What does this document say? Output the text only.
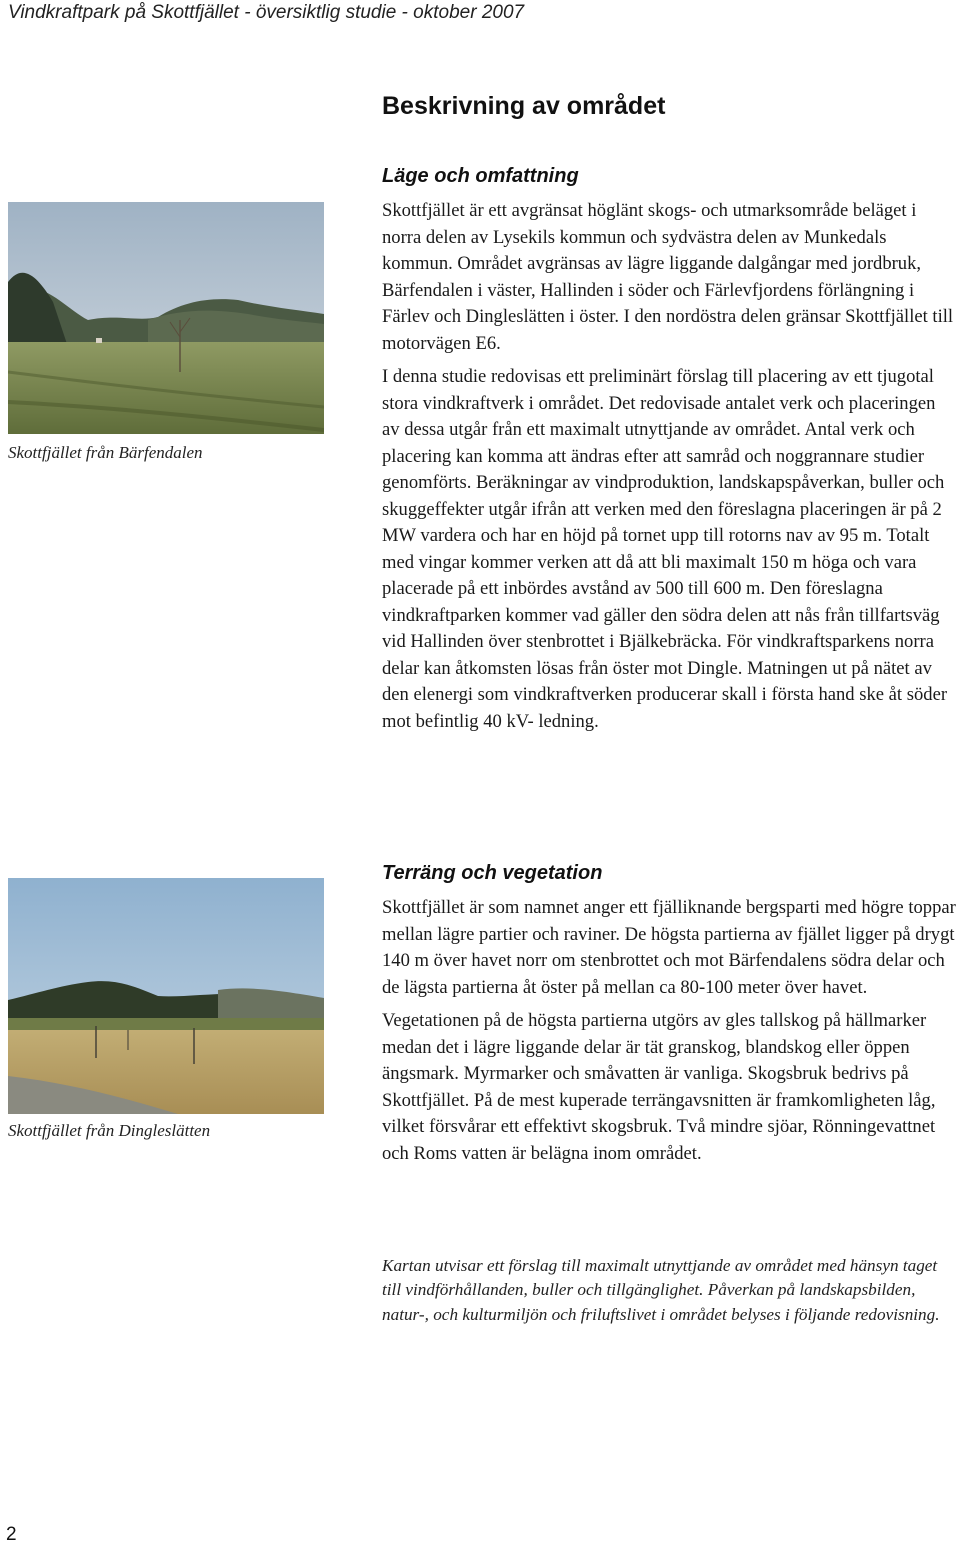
Vindkraftpark på Skottfjället - översiktlig studie - oktober 2007
Beskrivning av området
Läge och omfattning

Skottfjället är ett avgränsat höglänt skogs- och utmarksområde beläget i norra delen av Lysekils kommun och sydvästra delen av Munkedals kommun. Området avgränsas av lägre liggande dalgångar med jordbruk, Bärfendalen i väster, Hallinden i söder och Färlevfjordens förlängning i Färlev och Dingleslätten i öster. I den nordöstra delen gränsar Skottfjället till motorvägen E6.

I denna studie redovisas ett preliminärt förslag till placering av ett tjugotal stora vindkraftverk i området. Det redovisade antalet verk och placeringen av dessa utgår från ett maximalt utnyttjande av området. Antal verk och placering kan komma att ändras efter att samråd och noggrannare studier genomförts. Beräkningar av vindproduktion, landskapspåverkan, buller och skuggeffekter utgår ifrån att verken med den föreslagna placeringen är på 2 MW vardera och har en höjd på tornet upp till rotorns nav av 95 m. Totalt med vingar kommer verken att då att bli maximalt 150 m höga och vara placerade på ett inbördes avstånd av 500 till 600 m. Den föreslagna vindkraftparken kommer vad gäller den södra delen att nås från tillfartsväg vid Hallinden över stenbrottet i Bjälkebräcka. För vindkraftsparkens norra delar kan åtkomsten lösas från öster mot Dingle. Matningen ut på nätet av den elenergi som vindkraftverken producerar skall i första hand ske åt söder mot befintlig 40 kV- ledning.

Skottfjället från Bärfendalen
Terräng och vegetation

Skottfjället är som namnet anger ett fjälliknande bergsparti med högre toppar mellan lägre partier och raviner. De högsta partierna av fjället ligger på drygt 140 m över havet norr om stenbrottet och mot Bärfendalens södra delar och de lägsta partierna åt öster på mellan ca 80-100 meter över havet.

Vegetationen på de högsta partierna utgörs av gles tallskog på hällmarker medan det i lägre liggande delar är tät granskog, blandskog eller öppen ängsmark. Myrmarker och småvatten är vanliga. Skogsbruk bedrivs på Skottfjället. På de mest kuperade terrängavsnitten är framkomligheten låg, vilket försvårar ett effektivt skogsbruk. Två mindre sjöar, Rönningevattnet och Roms vatten är belägna inom området.

Skottfjället från Dingleslätten

Kartan utvisar ett förslag till maximalt utnyttjande av området med hänsyn taget till vindförhållanden, buller och tillgänglighet. Påverkan på landskapsbilden, natur-, och kulturmiljön och friluftslivet i området belyses i följande redovisning.

2
